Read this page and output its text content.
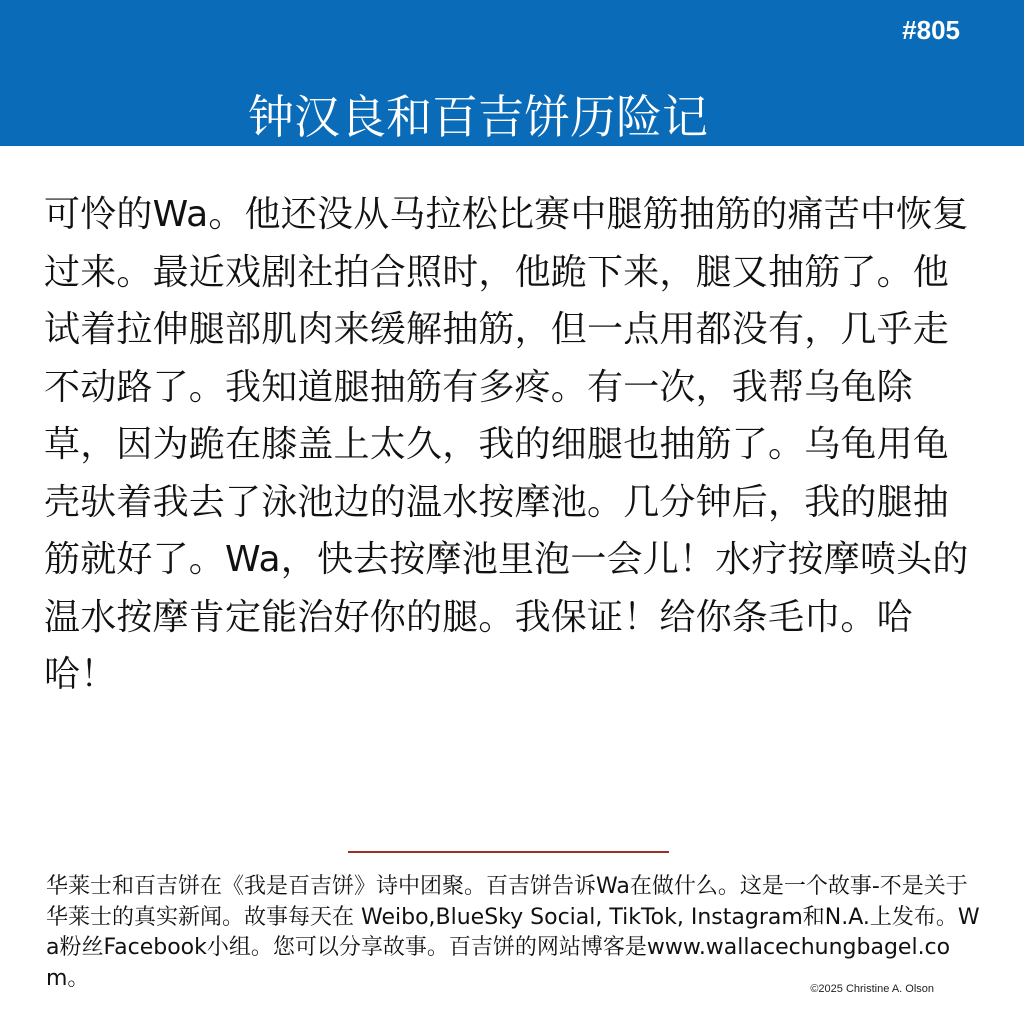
#805
钟汉良和百吉饼历险记

可怜的Wa。他还没从马拉松比赛中腿筋抽筋的痛苦中恢复过来。最近戏剧社拍合照时，他跪下来，腿又抽筋了。他试着拉伸腿部肌肉来缓解抽筋，但一点用都没有，几乎走不动路了。我知道腿抽筋有多疼。有一次，我帮乌龟除草，因为跪在膝盖上太久，我的细腿也抽筋了。乌龟用龟壳驮着我去了泳池边的温水按摩池。几分钟后，我的腿抽筋就好了。Wa，快去按摩池里泡一会儿！水疗按摩喷头的温水按摩肯定能治好你的腿。我保证！给你条毛巾。哈哈！

华莱士和百吉饼在《我是百吉饼》诗中团聚。百吉饼告诉Wa在做什么。这是一个故事-不是关于华莱士的真实新闻。故事每天在 Weibo,BlueSky Social, TikTok, Instagram和N.A.上发布。Wa粉丝Facebook小组。您可以分享故事。百吉饼的网站博客是www.wallacechungbagel.com。	©2025 Christine A. Olson
